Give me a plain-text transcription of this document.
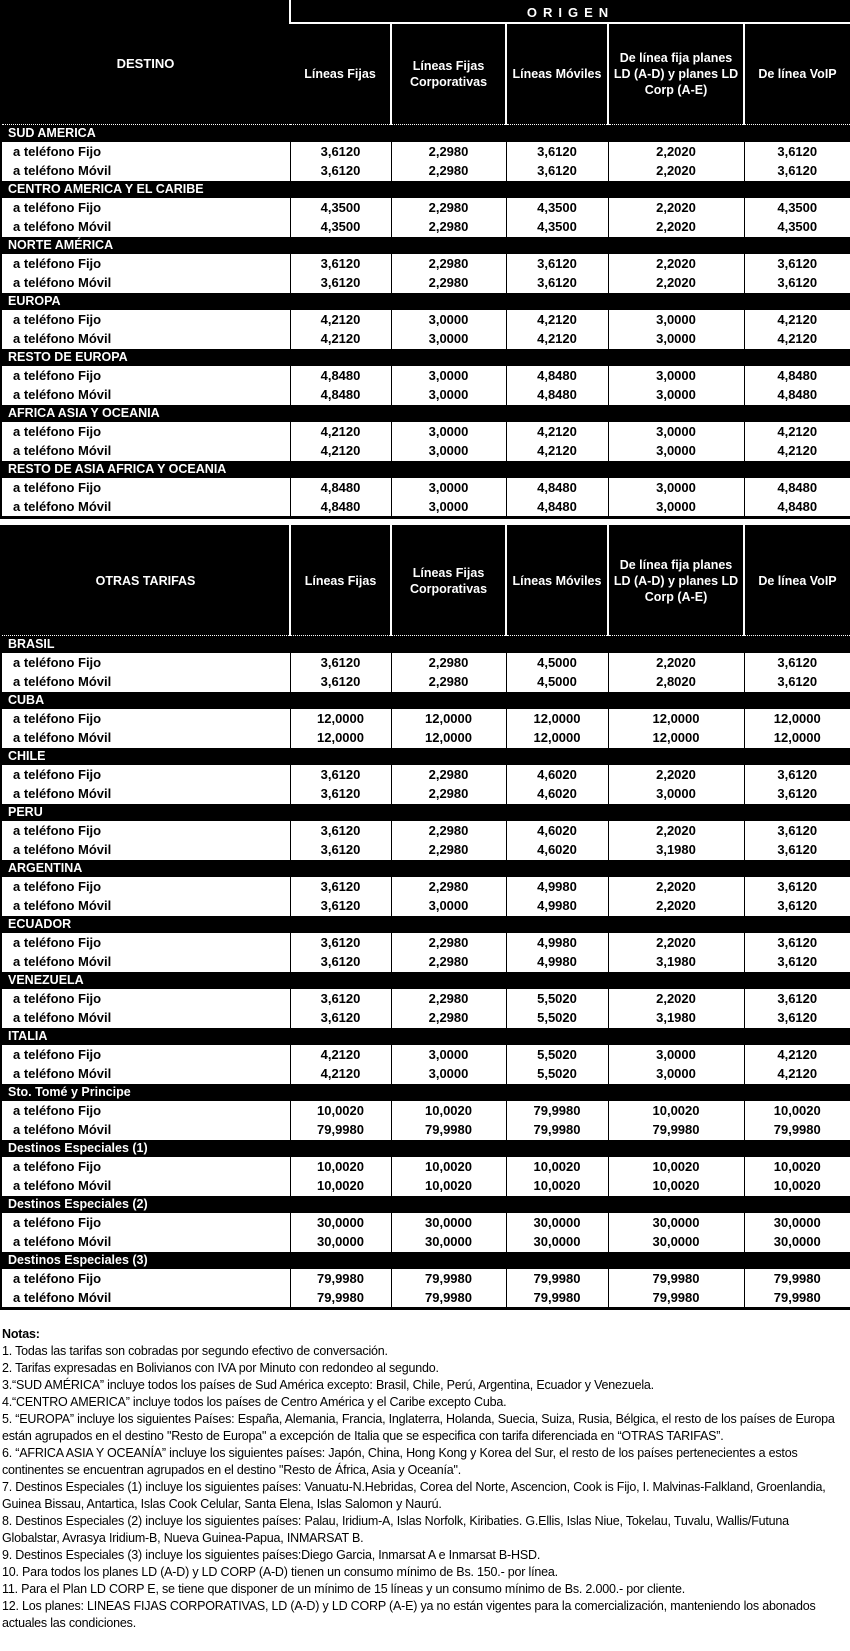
DESTINO	ORIGEN				
	Líneas Fijas	Líneas Fijas Corporativas	Líneas Móviles	De línea fija planes LD (A-D) y planes LD Corp (A-E)	De línea VoIP
SUD AMERICA					
a teléfono Fijo	3,6120	2,2980	3,6120	2,2020	3,6120
a teléfono Móvil	3,6120	2,2980	3,6120	2,2020	3,6120
CENTRO AMERICA Y EL CARIBE					
a teléfono Fijo	4,3500	2,2980	4,3500	2,2020	4,3500
a teléfono Móvil	4,3500	2,2980	4,3500	2,2020	4,3500
NORTE AMÉRICA					
a teléfono Fijo	3,6120	2,2980	3,6120	2,2020	3,6120
a teléfono Móvil	3,6120	2,2980	3,6120	2,2020	3,6120
EUROPA					
a teléfono Fijo	4,2120	3,0000	4,2120	3,0000	4,2120
a teléfono Móvil	4,2120	3,0000	4,2120	3,0000	4,2120
RESTO DE EUROPA					
a teléfono Fijo	4,8480	3,0000	4,8480	3,0000	4,8480
a teléfono Móvil	4,8480	3,0000	4,8480	3,0000	4,8480
AFRICA ASIA Y OCEANIA					
a teléfono Fijo	4,2120	3,0000	4,2120	3,0000	4,2120
a teléfono Móvil	4,2120	3,0000	4,2120	3,0000	4,2120
RESTO DE ASIA AFRICA Y OCEANIA					
a teléfono Fijo	4,8480	3,0000	4,8480	3,0000	4,8480
a teléfono Móvil	4,8480	3,0000	4,8480	3,0000	4,8480
OTRAS TARIFAS	Líneas Fijas	Líneas Fijas Corporativas	Líneas Móviles	De línea fija planes LD (A-D) y planes LD Corp (A-E)	De línea VoIP
BRASIL					
a teléfono Fijo	3,6120	2,2980	4,5000	2,2020	3,6120
a teléfono Móvil	3,6120	2,2980	4,5000	2,8020	3,6120
CUBA					
a teléfono Fijo	12,0000	12,0000	12,0000	12,0000	12,0000
a teléfono Móvil	12,0000	12,0000	12,0000	12,0000	12,0000
CHILE					
a teléfono Fijo	3,6120	2,2980	4,6020	2,2020	3,6120
a teléfono Móvil	3,6120	2,2980	4,6020	3,0000	3,6120
PERU					
a teléfono Fijo	3,6120	2,2980	4,6020	2,2020	3,6120
a teléfono Móvil	3,6120	2,2980	4,6020	3,1980	3,6120
ARGENTINA					
a teléfono Fijo	3,6120	2,2980	4,9980	2,2020	3,6120
a teléfono Móvil	3,6120	3,0000	4,9980	2,2020	3,6120
ECUADOR					
a teléfono Fijo	3,6120	2,2980	4,9980	2,2020	3,6120
a teléfono Móvil	3,6120	2,2980	4,9980	3,1980	3,6120
VENEZUELA					
a teléfono Fijo	3,6120	2,2980	5,5020	2,2020	3,6120
a teléfono Móvil	3,6120	2,2980	5,5020	3,1980	3,6120
ITALIA					
a teléfono Fijo	4,2120	3,0000	5,5020	3,0000	4,2120
a teléfono Móvil	4,2120	3,0000	5,5020	3,0000	4,2120
Sto. Tomé y Principe					
a teléfono Fijo	10,0020	10,0020	79,9980	10,0020	10,0020
a teléfono Móvil	79,9980	79,9980	79,9980	79,9980	79,9980
Destinos Especiales (1)					
a teléfono Fijo	10,0020	10,0020	10,0020	10,0020	10,0020
a teléfono Móvil	10,0020	10,0020	10,0020	10,0020	10,0020
Destinos Especiales (2)					
a teléfono Fijo	30,0000	30,0000	30,0000	30,0000	30,0000
a teléfono Móvil	30,0000	30,0000	30,0000	30,0000	30,0000
Destinos Especiales (3)					
a teléfono Fijo	79,9980	79,9980	79,9980	79,9980	79,9980
a teléfono Móvil	79,9980	79,9980	79,9980	79,9980	79,9980
Notas:
1. Todas las tarifas son cobradas por segundo efectivo de conversación.
2. Tarifas expresadas en Bolivianos con IVA por Minuto con redondeo al segundo.
3.“SUD AMÉRICA” incluye todos los países de Sud América excepto: Brasil, Chile, Perú, Argentina, Ecuador y Venezuela.
4.“CENTRO AMERICA” incluye todos los países de Centro América y el Caribe excepto Cuba.
5. “EUROPA” incluye los siguientes Países: España, Alemania, Francia, Inglaterra, Holanda, Suecia, Suiza, Rusia, Bélgica, el resto de los países de Europa están agrupados en el destino "Resto de Europa" a excepción de Italia que se especifica con tarifa diferenciada en “OTRAS TARIFAS”.
6. “AFRICA ASIA Y OCEANÍA” incluye los siguientes países: Japón, China, Hong Kong y Korea del Sur, el resto de los países pertenecientes a estos continentes se encuentran agrupados en el destino "Resto de África, Asia y Oceanía".
7. Destinos Especiales (1) incluye los siguientes países: Vanuatu-N.Hebridas, Corea del Norte, Ascencion, Cook is Fijo, I. Malvinas-Falkland, Groenlandia, Guinea Bissau, Antartica, Islas Cook Celular, Santa Elena, Islas Salomon y Naurú.
8. Destinos Especiales (2) incluye los siguientes países: Palau, Iridium-A, Islas Norfolk, Kiribaties. G.Ellis, Islas Niue, Tokelau, Tuvalu, Wallis/Futuna Globalstar, Avrasya Iridium-B, Nueva Guinea-Papua, INMARSAT B.
9. Destinos Especiales (3) incluye los siguientes países:Diego Garcia, Inmarsat A e Inmarsat B-HSD.
10. Para todos los planes LD (A-D) y LD CORP (A-D) tienen un consumo mínimo de Bs. 150.- por línea.
11. Para el Plan LD CORP E, se tiene que disponer de un mínimo de 15 líneas y un consumo mínimo de Bs. 2.000.- por cliente.
12. Los planes: LINEAS FIJAS CORPORATIVAS, LD (A-D) y LD CORP (A-E) ya no están vigentes para la comercialización, manteniendo los abonados actuales las condiciones.
